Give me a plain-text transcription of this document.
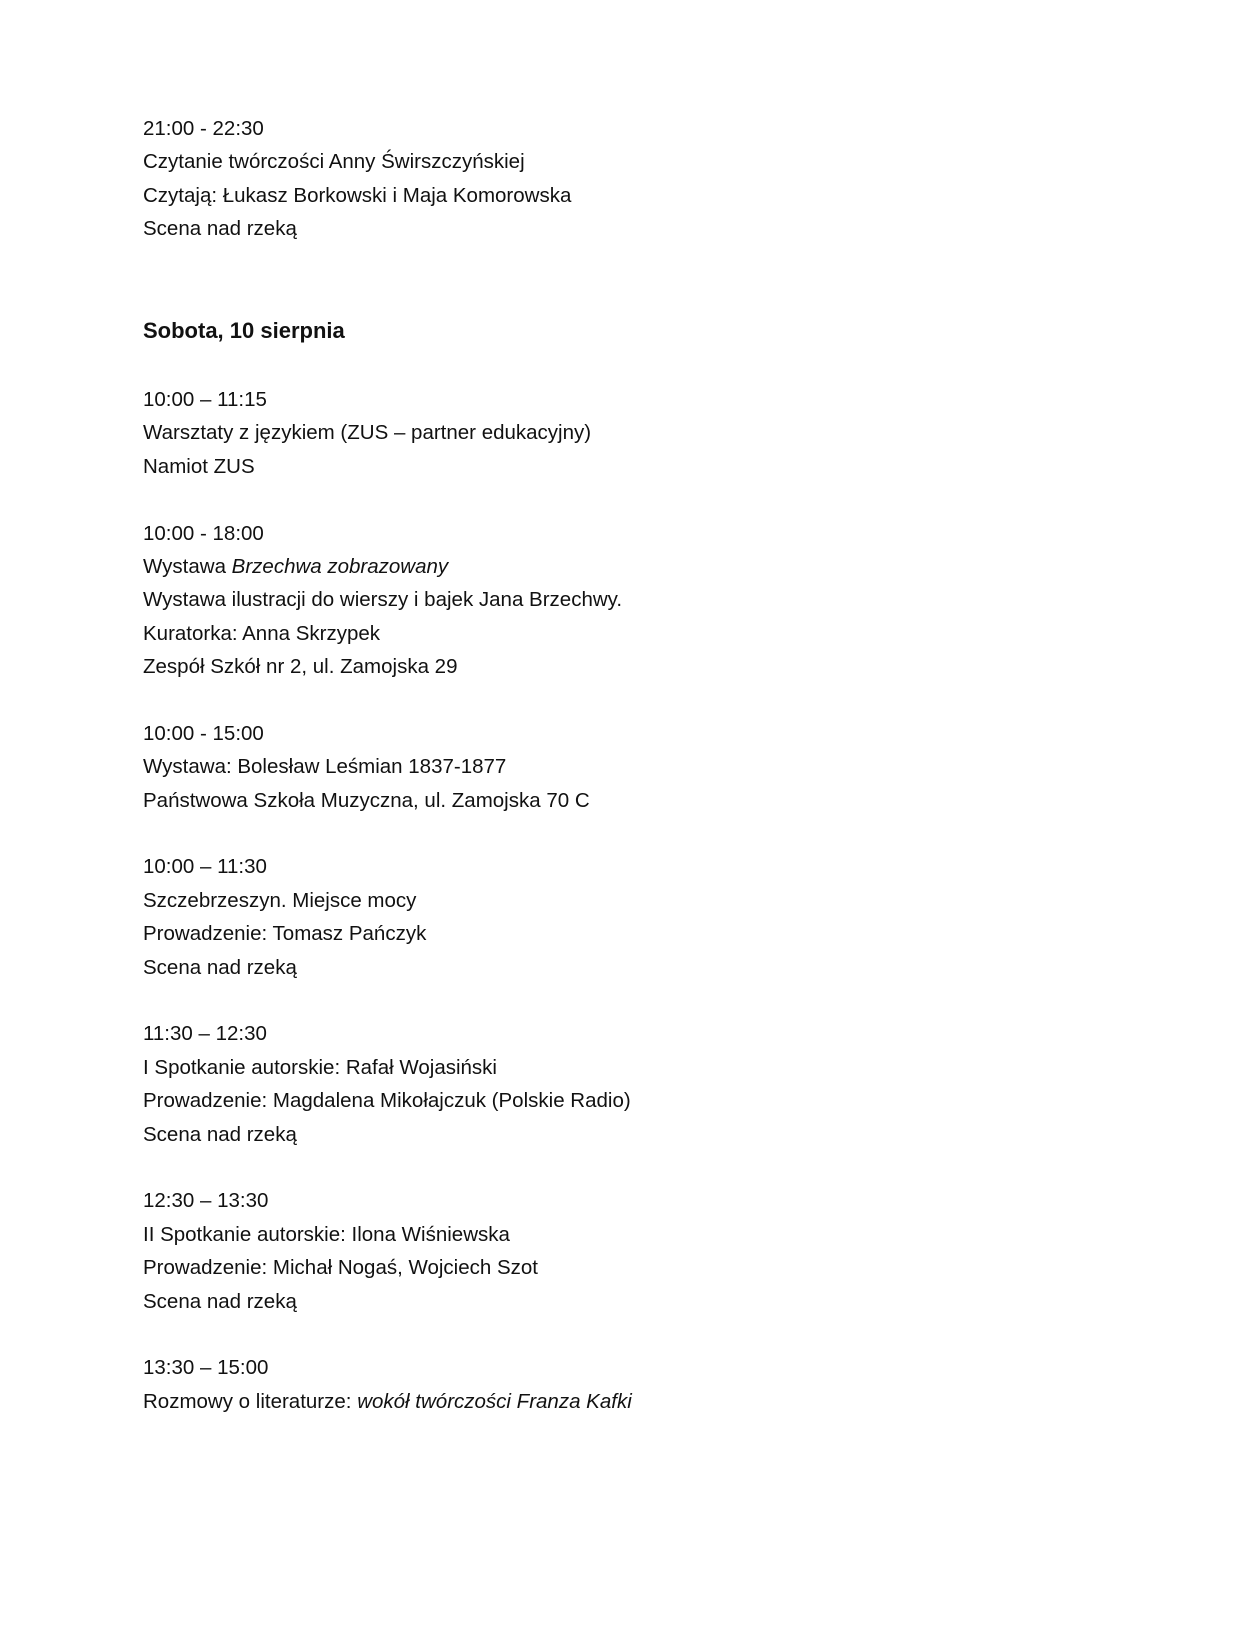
21:00 - 22:30
Czytanie twórczości Anny Świrszczyńskiej
Czytają: Łukasz Borkowski i Maja Komorowska
Scena nad rzeką
Sobota, 10 sierpnia
10:00 – 11:15
Warsztaty z językiem (ZUS – partner edukacyjny)
Namiot ZUS
10:00 - 18:00
Wystawa Brzechwa zobrazowany
Wystawa ilustracji do wierszy i bajek Jana Brzechwy.
Kuratorka: Anna Skrzypek
Zespół Szkół nr 2, ul. Zamojska 29
10:00 - 15:00
Wystawa: Bolesław Leśmian 1837-1877
Państwowa Szkoła Muzyczna, ul. Zamojska 70 C
10:00 – 11:30
Szczebrzeszyn. Miejsce mocy
Prowadzenie: Tomasz Pańczyk
Scena nad rzeką
11:30 – 12:30
I Spotkanie autorskie: Rafał Wojasiński
Prowadzenie: Magdalena Mikołajczuk (Polskie Radio)
Scena nad rzeką
12:30 – 13:30
II Spotkanie autorskie: Ilona Wiśniewska
Prowadzenie: Michał Nogaś, Wojciech Szot
Scena nad rzeką
13:30 – 15:00
Rozmowy o literaturze: wokół twórczości Franza Kafki
